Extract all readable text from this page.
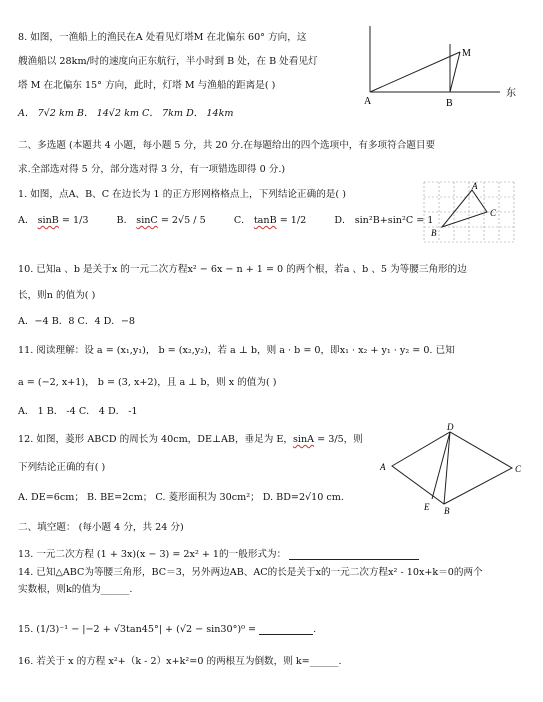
8. 如图，一渔船上的渔民在A 处看见灯塔M 在北偏东 60° 方向，这
艘渔船以 28km/时的速度向正东航行，半小时到 B 处，在 B 处看见灯
塔 M 在北偏东 15° 方向，此时，灯塔 M 与渔船的距离是( )
A． 7√2 km B． 14√2 km C． 7km D． 14km
M
A	B
东
二、多选题 (本题共 4 小题，每小题 5 分，共 20 分.在每题给出的四个选项中，有多项符合题目要
求.全部选对得 5 分，部分选对得 3 分，有一项错选即得 0 分.)
1. 如图，点A、B、C 在边长为 1 的正方形网格格点上，下列结论正确的是( )
A． sinB = 1/3	B． sinC = 2√5 / 5	C． tanB = 1/2	D． sin²B+sin²C = 1
A
B
C
10. 已知a 、b 是关于x 的一元二次方程x² − 6x − n + 1 = 0 的两个根，若a 、b 、5 为等腰三角形的边
长，则n 的值为( )
A．−4 B．8 C．4 D．−8
11. 阅读理解：设 a = (x₁,y₁)， b = (x₂,y₂)，若 a ⊥ b，则 a · b = 0，即x₁ · x₂ + y₁ · y₂ = 0. 已知
a = (−2, x+1)， b = (3, x+2)，且 a ⊥ b，则 x 的值为( )
A． 1 B． -4 C． 4 D． -1
12. 如图，菱形 ABCD 的周长为 40cm，DE⊥AB，垂足为 E，sinA = 3/5，则
下列结论正确的有( )
A. DE=6cm； B. BE=2cm； C. 菱形面积为 30cm²； D. BD=2√10 cm.
A
D
C
E B
二、填空题： (每小题 4 分，共 24 分)
13. 一元二次方程 (1 + 3x)(x − 3) = 2x² + 1的一般形式为：
14. 已知△ABC为等腰三角形，BC＝3，另外两边AB、AC的长是关于x的一元二次方程x² - 10x+k＝0的两个
实数根，则k的值为______.
15. (1/3)⁻¹ − |−2 + √3tan45°| + (√2 − sin30°)⁰ =	.
16. 若关于 x 的方程 x²+（k - 2）x+k²=0 的两根互为倒数，则 k=______.
